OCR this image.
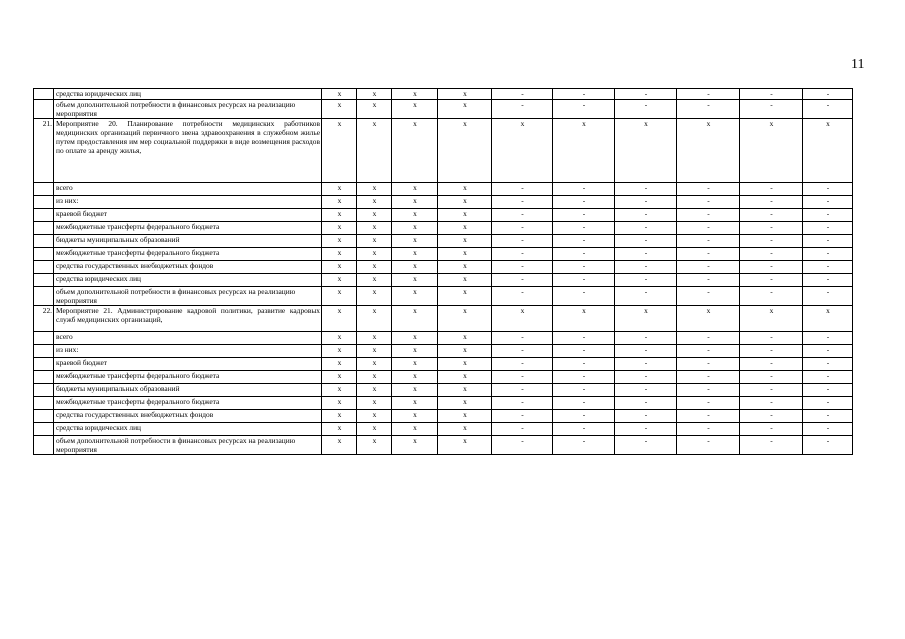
11
	средства юридических лиц	x	x	x	x	-	-	-	-	-	-
	объем дополнительной потребности в финансовых ресурсах на реализацию мероприятия	x	x	x	x	-	-	-	-	-	-
21.	Мероприятие 20. Планирование потребности медицинских работников медицинских организаций первичного звена здравоохранения в служебном жилье путем предоставления им мер социальной поддержки в виде возмещения расходов по оплате за аренду жилья,	x	x	x	x	x	x	x	x	x	x
	всего	x	x	x	x	-	-	-	-	-	-
	из них:	x	x	x	x	-	-	-	-	-	-
	краевой бюджет	x	x	x	x	-	-	-	-	-	-
	межбюджетные трансферты федерального бюджета	x	x	x	x	-	-	-	-	-	-
	бюджеты муниципальных образований	x	x	x	x	-	-	-	-	-	-
	межбюджетные трансферты федерального бюджета	x	x	x	x	-	-	-	-	-	-
	средства государственных внебюджетных фондов	x	x	x	x	-	-	-	-	-	-
	средства юридических лиц	x	x	x	x	-	-	-	-	-	-
	объем дополнительной потребности в финансовых ресурсах на реализацию мероприятия	x	x	x	x	-	-	-	-	-	-
22.	Мероприятие 21. Администрирование кадровой политики, развитие кадровых служб медицинских организаций,	x	x	x	x	x	x	x	x	x	x
	всего	x	x	x	x	-	-	-	-	-	-
	из них:	x	x	x	x	-	-	-	-	-	-
	краевой бюджет	x	x	x	x	-	-	-	-	-	-
	межбюджетные трансферты федерального бюджета	x	x	x	x	-	-	-	-	-	-
	бюджеты муниципальных образований	x	x	x	x	-	-	-	-	-	-
	межбюджетные трансферты федерального бюджета	x	x	x	x	-	-	-	-	-	-
	средства государственных внебюджетных фондов	x	x	x	x	-	-	-	-	-	-
	средства юридических лиц	x	x	x	x	-	-	-	-	-	-
	объем дополнительной потребности в финансовых ресурсах на реализацию мероприятия	x	x	x	x	-	-	-	-	-	-
